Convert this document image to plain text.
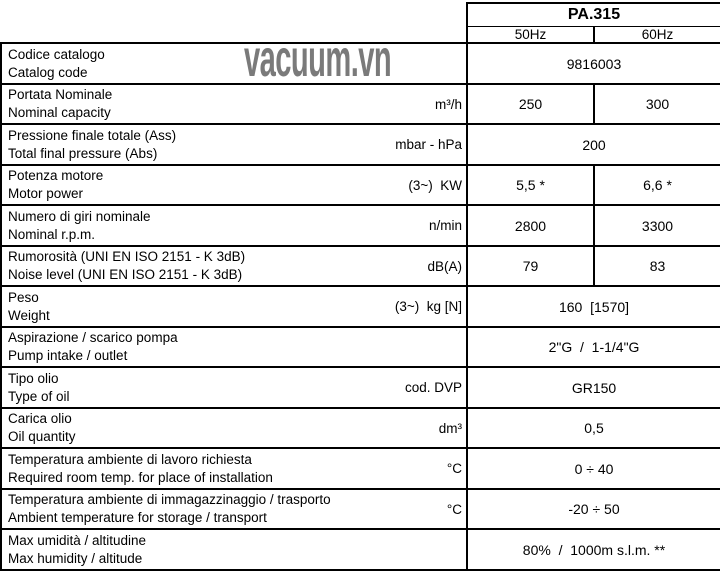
	PA.315	
	50Hz	60Hz

Codice catalogo
Catalog code	9816003	

Portata Nominale
Nominal capacity
m³/h	250	300

Pressione finale totale (Ass)
Total final pressure (Abs)
mbar - hPa	200	

Potenza motore
Motor power
(3~)  KW	5,5 *	6,6 *

Numero di giri nominale
Nominal r.p.m.
n/min	2800	3300

Rumorosità (UNI EN ISO 2151 - K 3dB)
Noise level (UNI EN ISO 2151 - K 3dB)
dB(A)	79	83

Peso
Weight
(3~)  kg [N]	160  [1570]	

Aspirazione / scarico pompa
Pump intake / outlet	2"G  /  1-1/4"G	

Tipo olio
Type of oil
cod. DVP	GR150	

Carica olio
Oil quantity
dm³	0,5	

Temperatura ambiente di lavoro richiesta
Required room temp. for place of installation
°C	0 ÷ 40	

Temperatura ambiente di immagazzinaggio / trasporto
Ambient temperature for storage / transport
°C	-20 ÷ 50	

Max umidità / altitudine
Max humidity / altitude	80%  /  1000m s.l.m. **	
vacuum.vn
